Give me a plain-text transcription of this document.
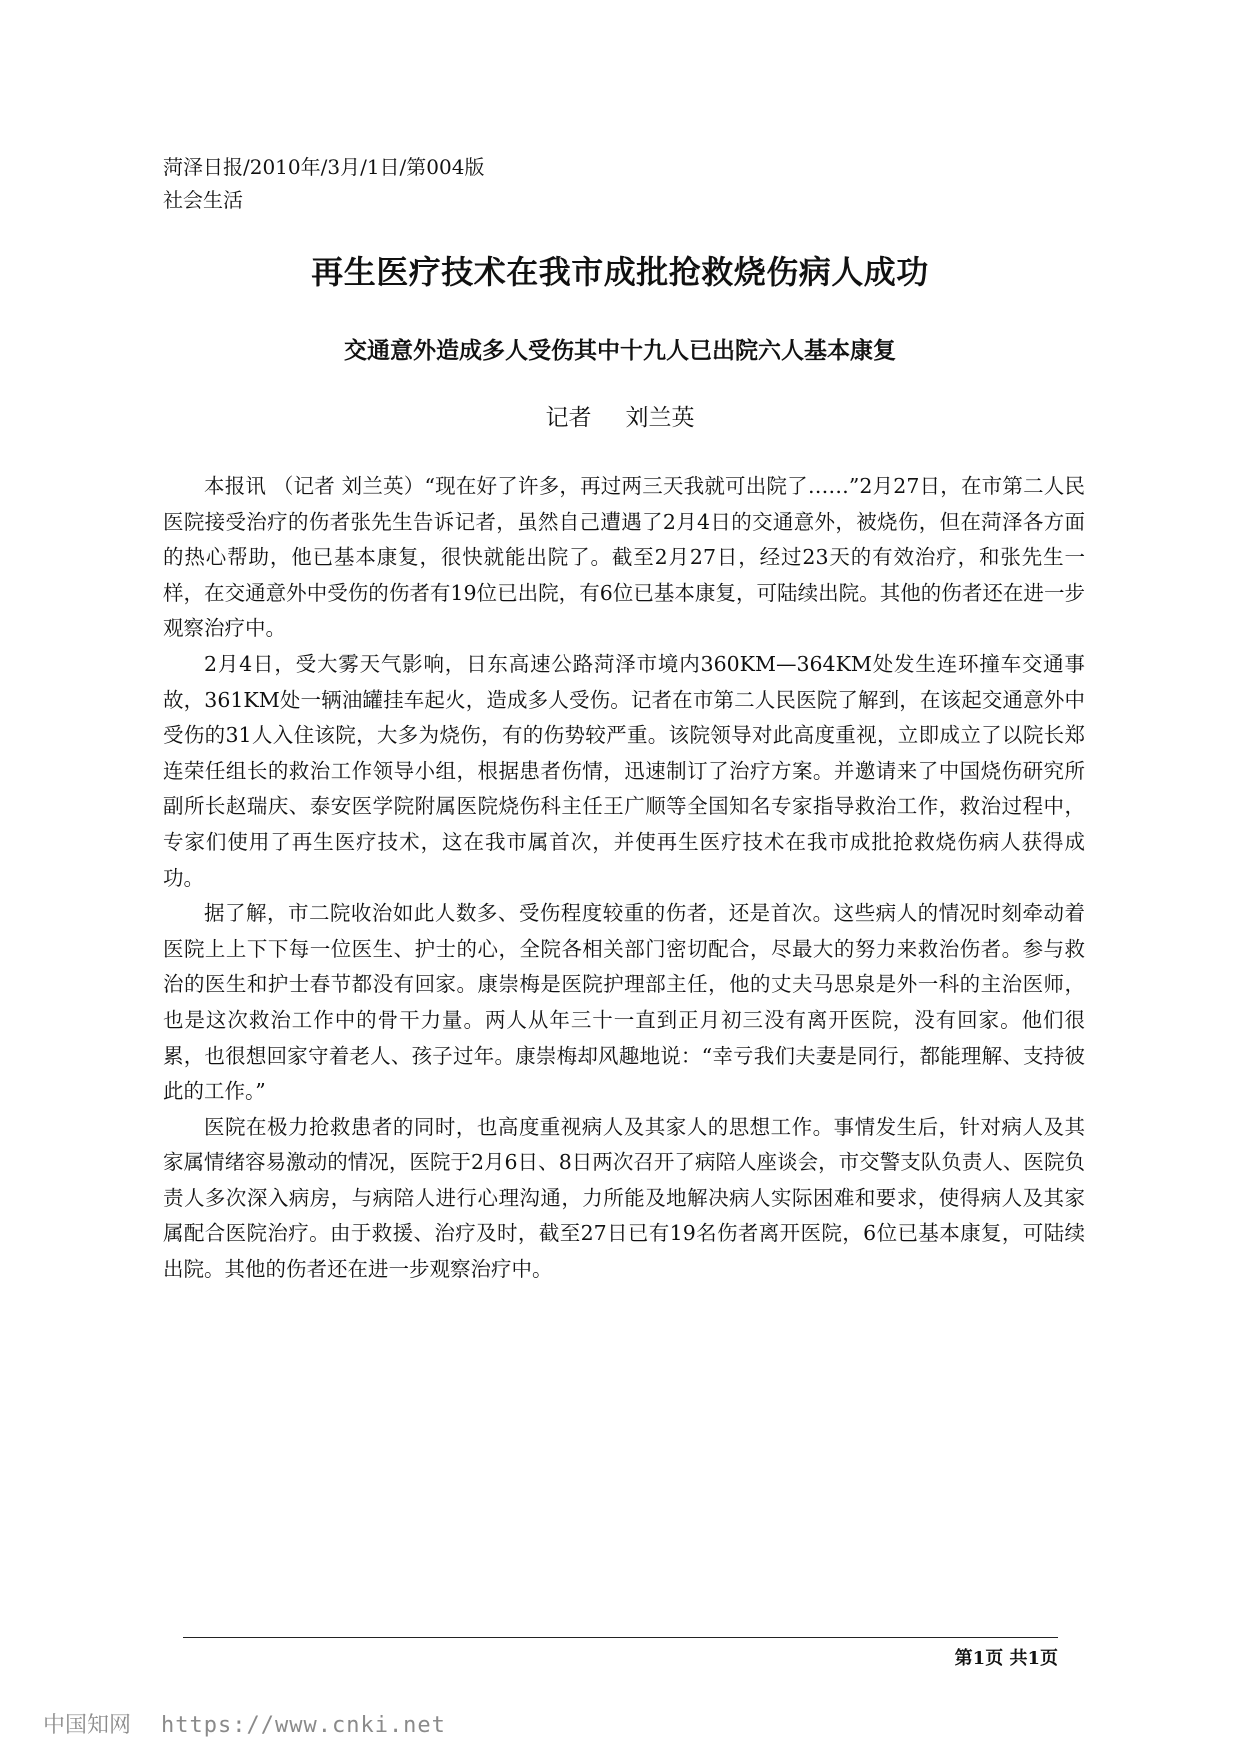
菏泽日报/2010年/3月/1日/第004版
社会生活
再生医疗技术在我市成批抢救烧伤病人成功
交通意外造成多人受伤其中十九人已出院六人基本康复
记者 刘兰英

本报讯 （记者 刘兰英）“现在好了许多，再过两三天我就可出院了……”2月27日，在市第二人民医院接受治疗的伤者张先生告诉记者，虽然自己遭遇了2月4日的交通意外，被烧伤，但在菏泽各方面的热心帮助，他已基本康复，很快就能出院了。截至2月27日，经过23天的有效治疗，和张先生一样，在交通意外中受伤的伤者有19位已出院，有6位已基本康复，可陆续出院。其他的伤者还在进一步观察治疗中。

2月4日，受大雾天气影响，日东高速公路菏泽市境内360KM—364KM处发生连环撞车交通事故，361KM处一辆油罐挂车起火，造成多人受伤。记者在市第二人民医院了解到，在该起交通意外中受伤的31人入住该院，大多为烧伤，有的伤势较严重。该院领导对此高度重视，立即成立了以院长郑连荣任组长的救治工作领导小组，根据患者伤情，迅速制订了治疗方案。并邀请来了中国烧伤研究所副所长赵瑞庆、泰安医学院附属医院烧伤科主任王广顺等全国知名专家指导救治工作，救治过程中，专家们使用了再生医疗技术，这在我市属首次，并使再生医疗技术在我市成批抢救烧伤病人获得成功。

据了解，市二院收治如此人数多、受伤程度较重的伤者，还是首次。这些病人的情况时刻牵动着医院上上下下每一位医生、护士的心，全院各相关部门密切配合，尽最大的努力来救治伤者。参与救治的医生和护士春节都没有回家。康崇梅是医院护理部主任，他的丈夫马思泉是外一科的主治医师，也是这次救治工作中的骨干力量。两人从年三十一直到正月初三没有离开医院，没有回家。他们很累，也很想回家守着老人、孩子过年。康崇梅却风趣地说：“幸亏我们夫妻是同行，都能理解、支持彼此的工作。”

医院在极力抢救患者的同时，也高度重视病人及其家人的思想工作。事情发生后，针对病人及其家属情绪容易激动的情况，医院于2月6日、8日两次召开了病陪人座谈会，市交警支队负责人、医院负责人多次深入病房，与病陪人进行心理沟通，力所能及地解决病人实际困难和要求，使得病人及其家属配合医院治疗。由于救援、治疗及时，截至27日已有19名伤者离开医院，6位已基本康复，可陆续出院。其他的伤者还在进一步观察治疗中。

第1页 共1页
中国知网 https://www.cnki.net
